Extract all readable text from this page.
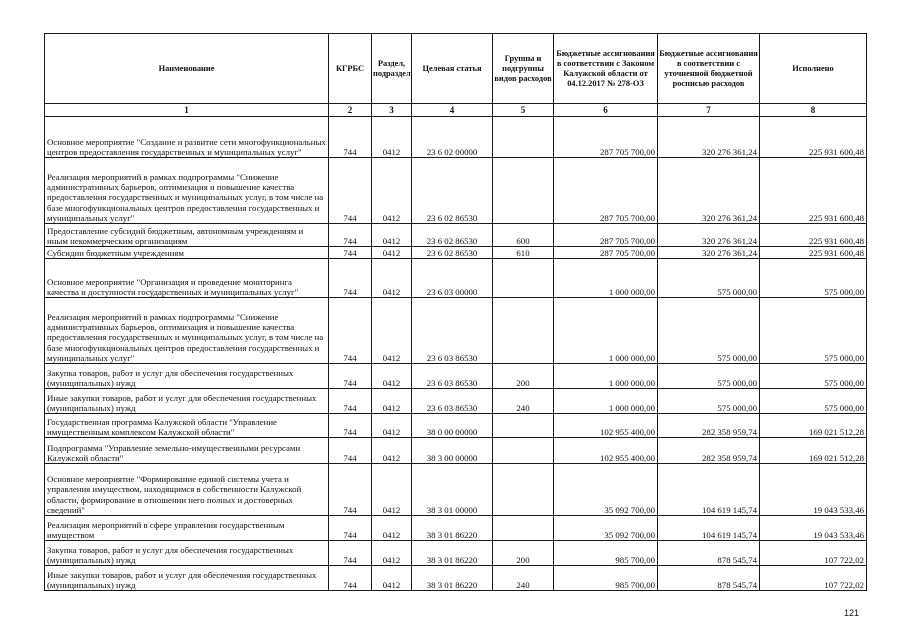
Наименование	КГРБС	Раздел, подраздел	Целевая статья	Группы и подгруппы видов расходов	Бюджетные ассигнования в соответствии с Законом Калужской области от 04.12.2017 № 278-ОЗ	Бюджетные ассигнования в соответствии с уточненной бюджетной росписью расходов	Исполнено
1	2	3	4	5	6	7	8
Основное мероприятие "Создание и развитие сети многофункциональных центров предоставления государственных и муниципальных услуг"	744	0412	23 6 02 00000		287 705 700,00	320 276 361,24	225 931 600,48
Реализация мероприятий в рамках подпрограммы "Снижение административных барьеров, оптимизация и повышение качества предоставления государственных и муниципальных услуг, в том числе на базе многофункциональных центров предоставления государственных и муниципальных услуг"	744	0412	23 6 02 86530		287 705 700,00	320 276 361,24	225 931 600,48
Предоставление субсидий бюджетным, автономным учреждениям и иным некоммерческим организациям	744	0412	23 6 02 86530	600	287 705 700,00	320 276 361,24	225 931 600,48
Субсидии бюджетным учреждениям	744	0412	23 6 02 86530	610	287 705 700,00	320 276 361,24	225 931 600,48
Основное мероприятие "Организация и проведение мониторинга качества и доступности государственных и муниципальных услуг"	744	0412	23 6 03 00000		1 000 000,00	575 000,00	575 000,00
Реализация мероприятий в рамках подпрограммы "Снижение административных барьеров, оптимизация и повышение качества предоставления государственных и муниципальных услуг, в том числе на базе многофункциональных центров предоставления государственных и муниципальных услуг"	744	0412	23 6 03 86530		1 000 000,00	575 000,00	575 000,00
Закупка товаров, работ и услуг для обеспечения государственных (муниципальных) нужд	744	0412	23 6 03 86530	200	1 000 000,00	575 000,00	575 000,00
Иные закупки товаров, работ и услуг для обеспечения государственных (муниципальных) нужд	744	0412	23 6 03 86530	240	1 000 000,00	575 000,00	575 000,00
Государственная программа Калужской области "Управление имущественным комплексом Калужской области"	744	0412	38 0 00 00000		102 955 400,00	282 358 959,74	169 021 512,28
Подпрограмма "Управление земельно-имущественными ресурсами Калужской области"	744	0412	38 3 00 00000		102 955 400,00	282 358 959,74	169 021 512,28
Основное мероприятие "Формирование единой системы учета и управления имуществом, находящимся в собственности Калужской области, формирование в отношении него полных и достоверных сведений"	744	0412	38 3 01 00000		35 092 700,00	104 619 145,74	19 043 533,46
Реализация мероприятий в сфере управления государственным имуществом	744	0412	38 3 01 86220		35 092 700,00	104 619 145,74	19 043 533,46
Закупка товаров, работ и услуг для обеспечения государственных (муниципальных) нужд	744	0412	38 3 01 86220	200	985 700,00	878 545,74	107 722,02
Иные закупки товаров, работ и услуг для обеспечения государственных (муниципальных) нужд	744	0412	38 3 01 86220	240	985 700,00	878 545,74	107 722,02
121
